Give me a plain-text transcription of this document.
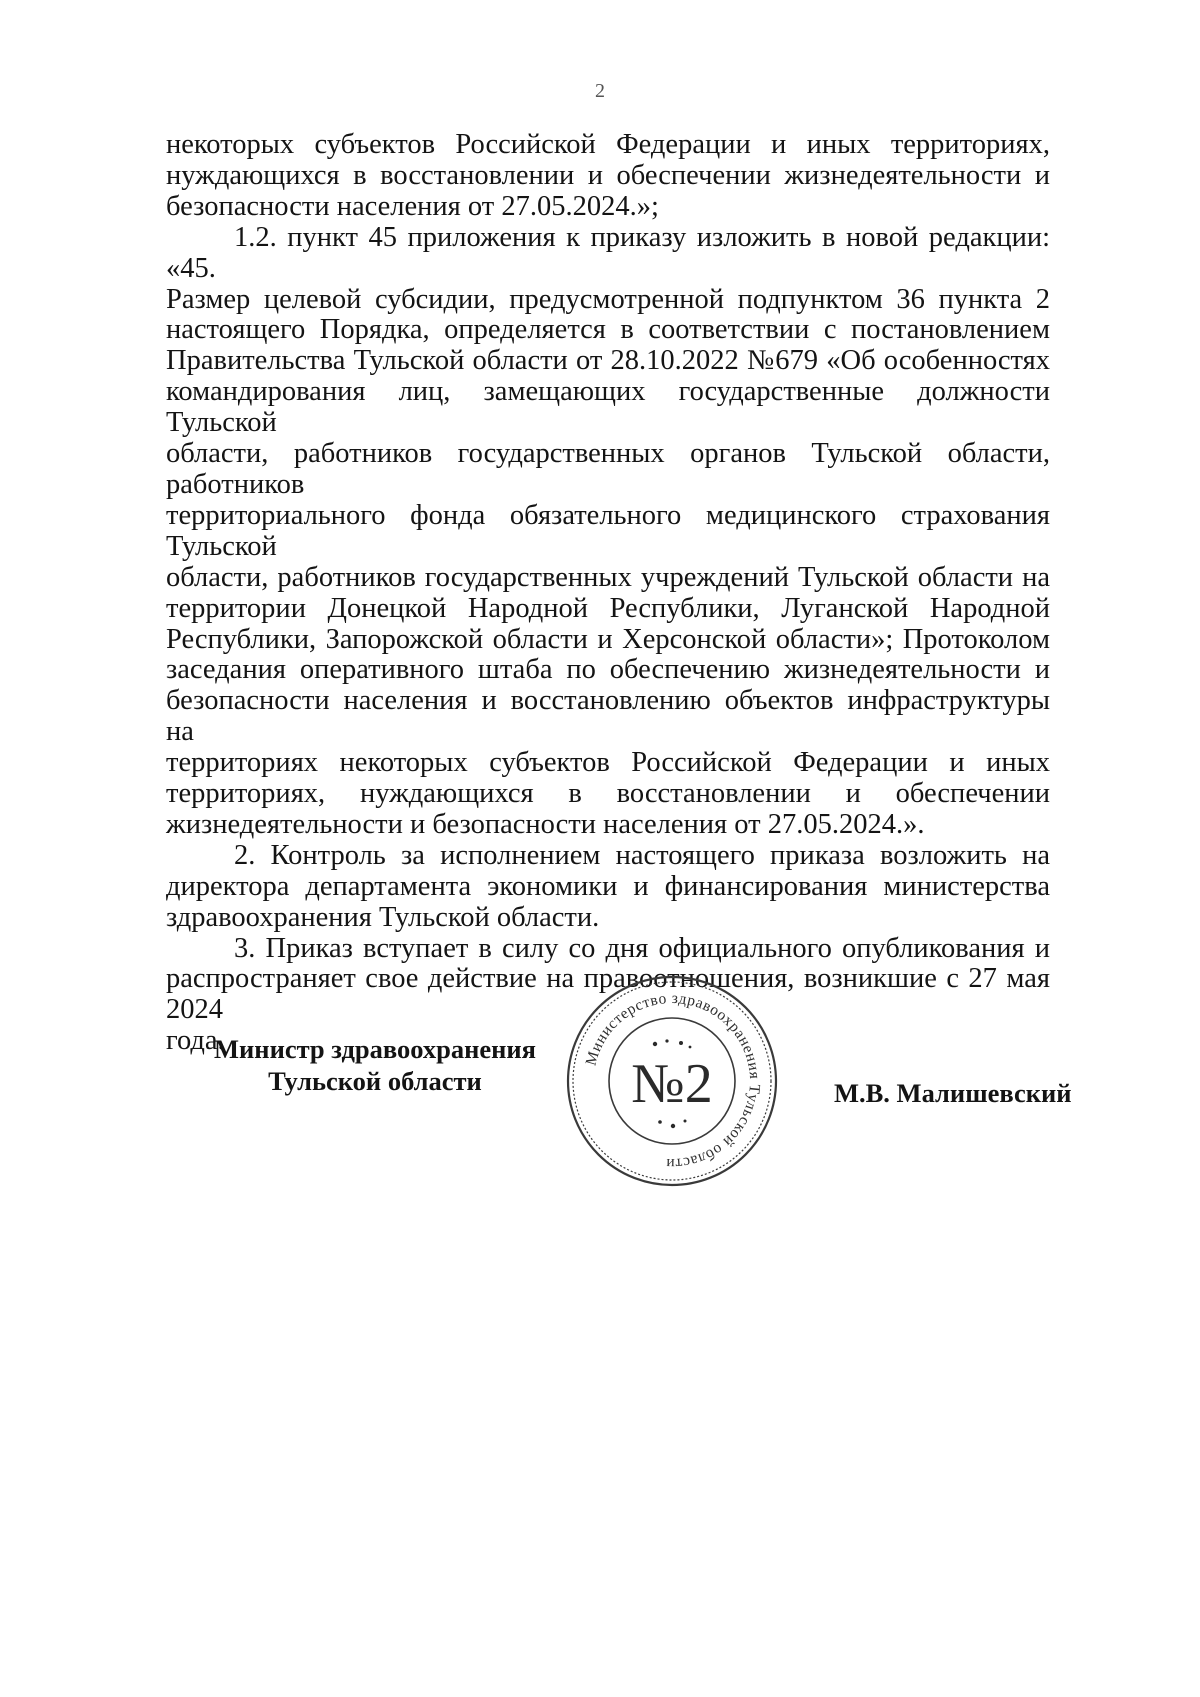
2
некоторых субъектов Российской Федерации и иных территориях,
нуждающихся в восстановлении и обеспечении жизнедеятельности и
безопасности населения от 27.05.2024.»;
1.2. пункт 45 приложения к приказу изложить в новой редакции: «45.
Размер целевой субсидии, предусмотренной подпунктом 36 пункта 2
настоящего Порядка, определяется в соответствии с постановлением
Правительства Тульской области от 28.10.2022 №679 «Об особенностях
командирования лиц, замещающих государственные должности Тульской
области, работников государственных органов Тульской области, работников
территориального фонда обязательного медицинского страхования Тульской
области, работников государственных учреждений Тульской области на
территории Донецкой Народной Республики, Луганской Народной
Республики, Запорожской области и Херсонской области»; Протоколом
заседания оперативного штаба по обеспечению жизнедеятельности и
безопасности населения и восстановлению объектов инфраструктуры на
территориях некоторых субъектов Российской Федерации и иных
территориях, нуждающихся в восстановлении и обеспечении
жизнедеятельности и безопасности населения от 27.05.2024.».
2. Контроль за исполнением настоящего приказа возложить на
директора департамента экономики и финансирования министерства
здравоохранения Тульской области.
3. Приказ вступает в силу со дня официального опубликования и
распространяет свое действие на правоотношения, возникшие с 27 мая 2024
года.
Министр здравоохранения
Тульской области
Министерство здравоохранения Тульской области
№2	М.В. Малишевский
